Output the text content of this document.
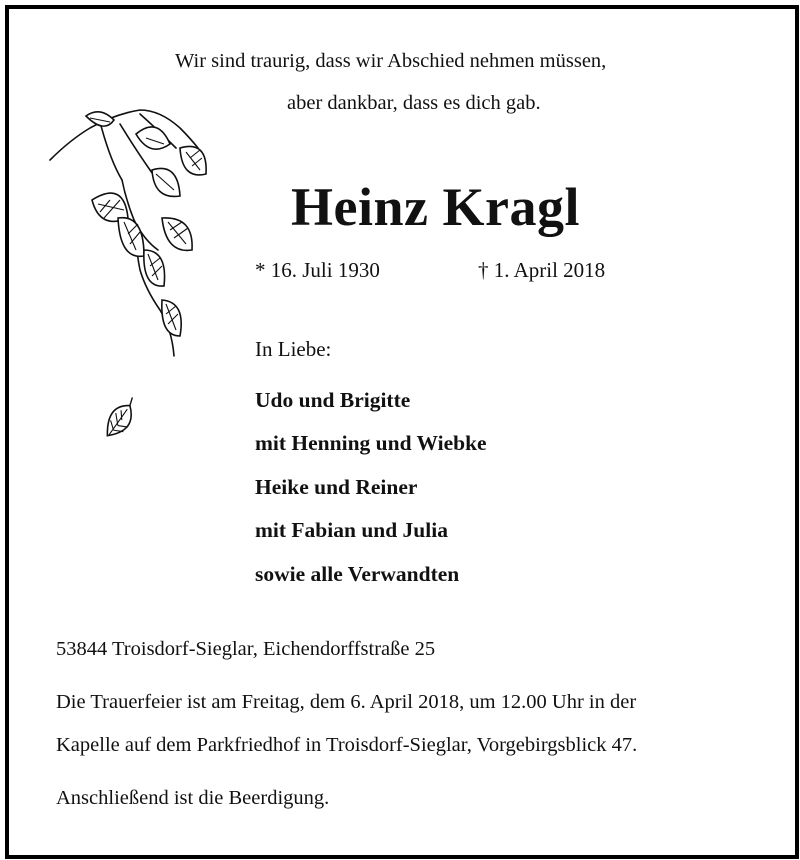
Wir sind traurig, dass wir Abschied nehmen müssen,
aber dankbar, dass es dich gab.
Heinz Kragl
* 16. Juli 1930	† 1. April 2018
In Liebe:
Udo und Brigitte
mit Henning und Wiebke
Heike und Reiner
mit Fabian und Julia
sowie alle Verwandten
53844 Troisdorf-Sieglar, Eichendorffstraße 25
Die Trauerfeier ist am Freitag, dem 6. April 2018, um 12.00 Uhr in der
Kapelle auf dem Parkfriedhof in Troisdorf-Sieglar, Vorgebirgsblick 47.
Anschließend ist die Beerdigung.
